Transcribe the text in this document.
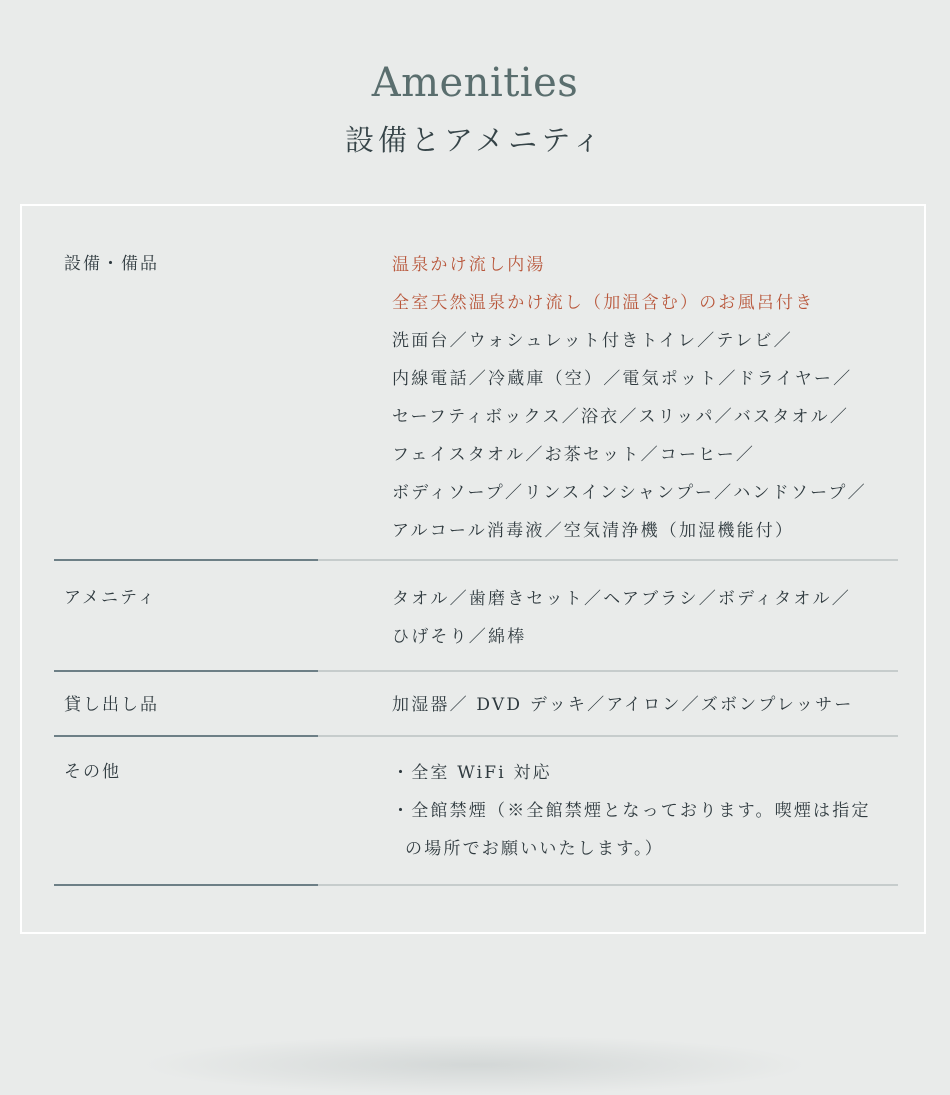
Amenities
設備とアメニティ
設備・備品	温泉かけ流し内湯
全室天然温泉かけ流し（加温含む）のお風呂付き
洗面台／ウォシュレット付きトイレ／テレビ／
内線電話／冷蔵庫（空）／電気ポット／ドライヤー／
セーフティボックス／浴衣／スリッパ／バスタオル／
フェイスタオル／お茶セット／コーヒー／
ボディソープ／リンスインシャンプー／ハンドソープ／
アルコール消毒液／空気清浄機（加湿機能付）
アメニティ	タオル／歯磨きセット／ヘアブラシ／ボディタオル／
ひげそり／綿棒
貸し出し品	加湿器／ DVD デッキ／アイロン／ズボンプレッサー
その他	・全室 WiFi 対応
・全館禁煙（※全館禁煙となっております。喫煙は指定
の場所でお願いいたします。）
